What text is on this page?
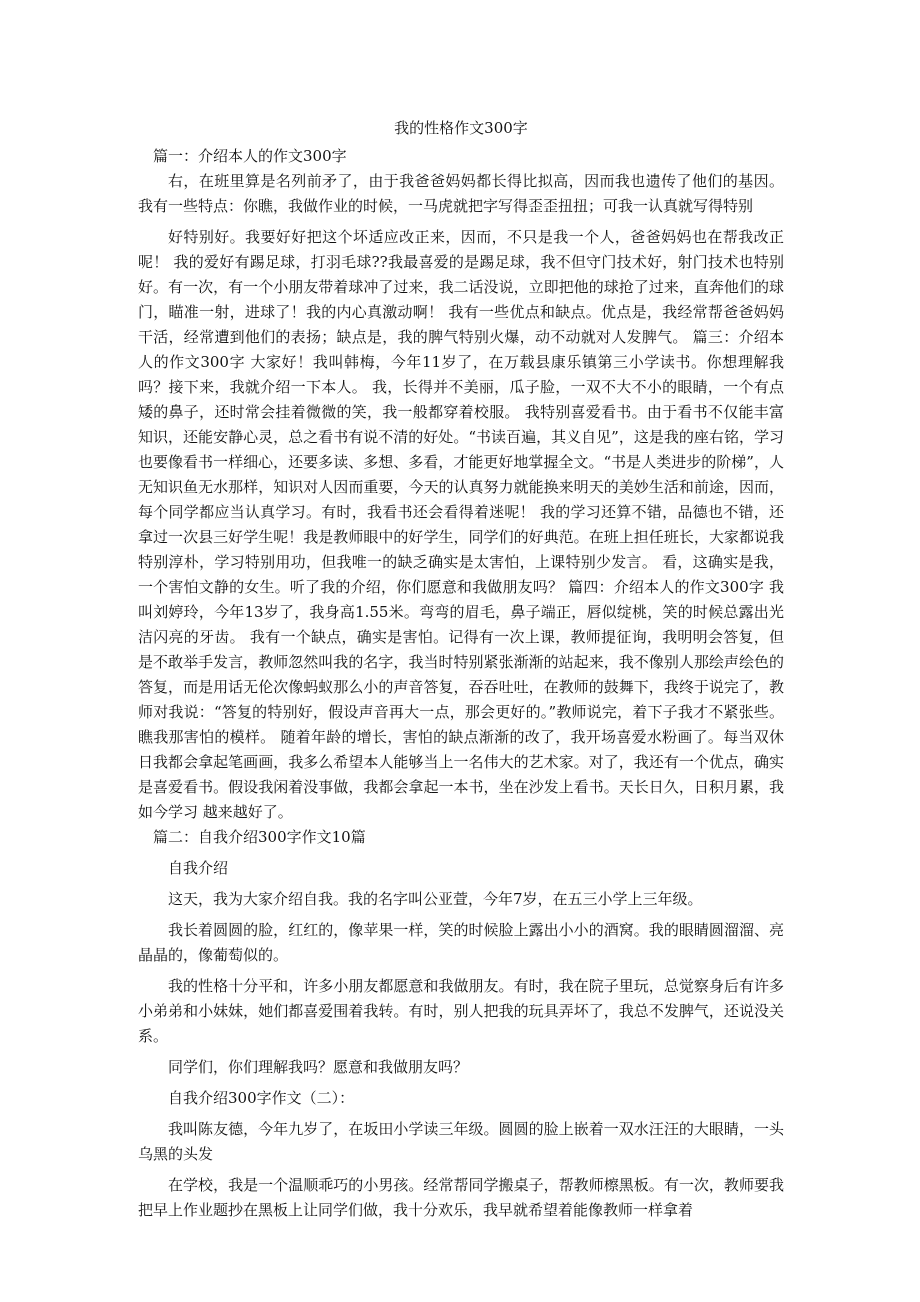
我的性格作文300字

篇一：介绍本人的作文300字

右，在班里算是名列前矛了，由于我爸爸妈妈都长得比拟高，因而我也遗传了他们的基因。 我有一些特点：你瞧，我做作业的时候，一马虎就把字写得歪歪扭扭；可我一认真就写得特别

好特别好。我要好好把这个坏适应改正来，因而，不只是我一个人，爸爸妈妈也在帮我改正呢！ 我的爱好有踢足球，打羽毛球??我最喜爱的是踢足球，我不但守门技术好，射门技术也特别好。有一次，有一个小朋友带着球冲了过来，我二话没说，立即把他的球抢了过来，直奔他们的球门，瞄准一射，进球了！我的内心真激动啊！ 我有一些优点和缺点。优点是，我经常帮爸爸妈妈干活，经常遭到他们的表扬；缺点是，我的脾气特别火爆，动不动就对人发脾气。 篇三：介绍本人的作文300字 大家好！我叫韩梅，今年11岁了，在万载县康乐镇第三小学读书。你想理解我吗？接下来，我就介绍一下本人。 我，长得并不美丽，瓜子脸，一双不大不小的眼睛，一个有点矮的鼻子，还时常会挂着微微的笑，我一般都穿着校服。 我特别喜爱看书。由于看书不仅能丰富知识，还能安静心灵，总之看书有说不清的好处。“书读百遍，其义自见”，这是我的座右铭，学习也要像看书一样细心，还要多读、多想、多看，才能更好地掌握全文。“书是人类进步的阶梯”，人无知识鱼无水那样，知识对人因而重要，今天的认真努力就能换来明天的美妙生活和前途，因而，每个同学都应当认真学习。有时，我看书还会看得着迷呢！ 我的学习还算不错，品德也不错，还拿过一次县三好学生呢！我是教师眼中的好学生，同学们的好典范。在班上担任班长，大家都说我特别淳朴，学习特别用功，但我唯一的缺乏确实是太害怕，上课特别少发言。 看，这确实是我，一个害怕文静的女生。听了我的介绍，你们愿意和我做朋友吗？ 篇四：介绍本人的作文300字 我叫刘婷玲，今年13岁了，我身高1.55米。弯弯的眉毛，鼻子端正，唇似绽桃，笑的时候总露出光洁闪亮的牙齿。 我有一个缺点，确实是害怕。记得有一次上课，教师提征询，我明明会答复，但是不敢举手发言，教师忽然叫我的名字，我当时特别紧张渐渐的站起来，我不像别人那绘声绘色的答复，而是用话无伦次像蚂蚁那么小的声音答复，吞吞吐吐，在教师的鼓舞下，我终于说完了，教师对我说：“答复的特别好，假设声音再大一点，那会更好的。”教师说完，着下子我才不紧张些。瞧我那害怕的模样。 随着年龄的增长，害怕的缺点渐渐的改了，我开场喜爱水粉画了。每当双休日我都会拿起笔画画，我多么希望本人能够当上一名伟大的艺术家。对了，我还有一个优点，确实是喜爱看书。假设我闲着没事做，我都会拿起一本书，坐在沙发上看书。天长日久，日积月累，我如今学习 越来越好了。

篇二：自我介绍300字作文10篇

自我介绍

这天，我为大家介绍自我。我的名字叫公亚萱，今年7岁，在五三小学上三年级。

我长着圆圆的脸，红红的，像苹果一样，笑的时候脸上露出小小的酒窝。我的眼睛圆溜溜、亮晶晶的，像葡萄似的。

我的性格十分平和，许多小朋友都愿意和我做朋友。有时，我在院子里玩，总觉察身后有许多小弟弟和小妹妹，她们都喜爱围着我转。有时，别人把我的玩具弄坏了，我总不发脾气，还说没关系。

同学们，你们理解我吗？愿意和我做朋友吗？

自我介绍300字作文（二）：

我叫陈友德，今年九岁了，在坂田小学读三年级。圆圆的脸上嵌着一双水汪汪的大眼睛，一头乌黑的头发

在学校，我是一个温顺乖巧的小男孩。经常帮同学搬桌子，帮教师檫黑板。有一次，教师要我把早上作业题抄在黑板上让同学们做，我十分欢乐，我早就希望着能像教师一样拿着
